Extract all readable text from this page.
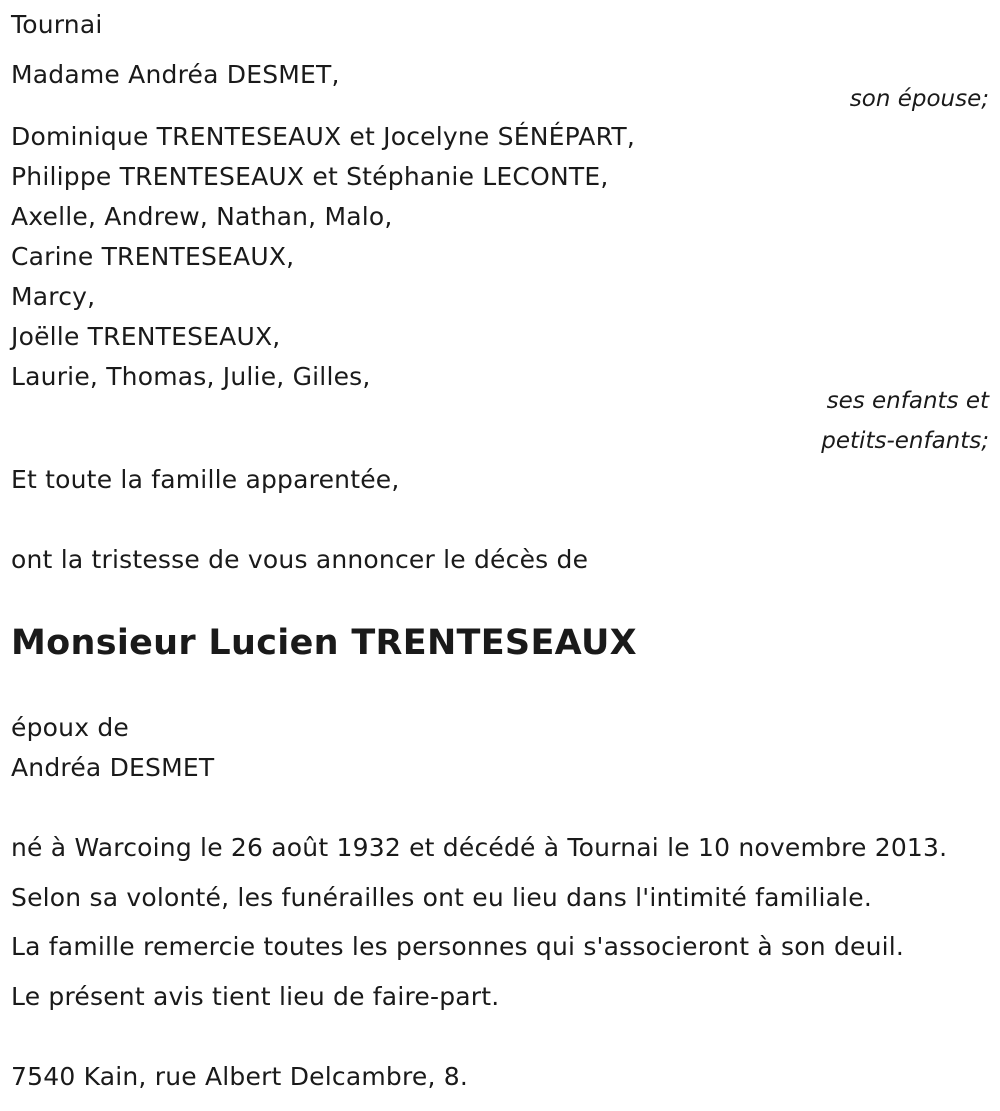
Tournai
Madame Andréa DESMET,
son épouse;
Dominique TRENTESEAUX et Jocelyne SÉNÉPART,
Philippe TRENTESEAUX et Stéphanie LECONTE,
Axelle, Andrew, Nathan, Malo,
Carine TRENTESEAUX,
Marcy,
Joëlle TRENTESEAUX,
Laurie, Thomas, Julie, Gilles,
ses enfants et
petits-enfants;
Et toute la famille apparentée,
ont la tristesse de vous annoncer le décès de
Monsieur Lucien TRENTESEAUX
époux de
Andréa DESMET
né à Warcoing le 26 août 1932 et décédé à Tournai le 10 novembre 2013.
Selon sa volonté, les funérailles ont eu lieu dans l'intimité familiale.
La famille remercie toutes les personnes qui s'associeront à son deuil.
Le présent avis tient lieu de faire-part.
7540 Kain, rue Albert Delcambre, 8.
